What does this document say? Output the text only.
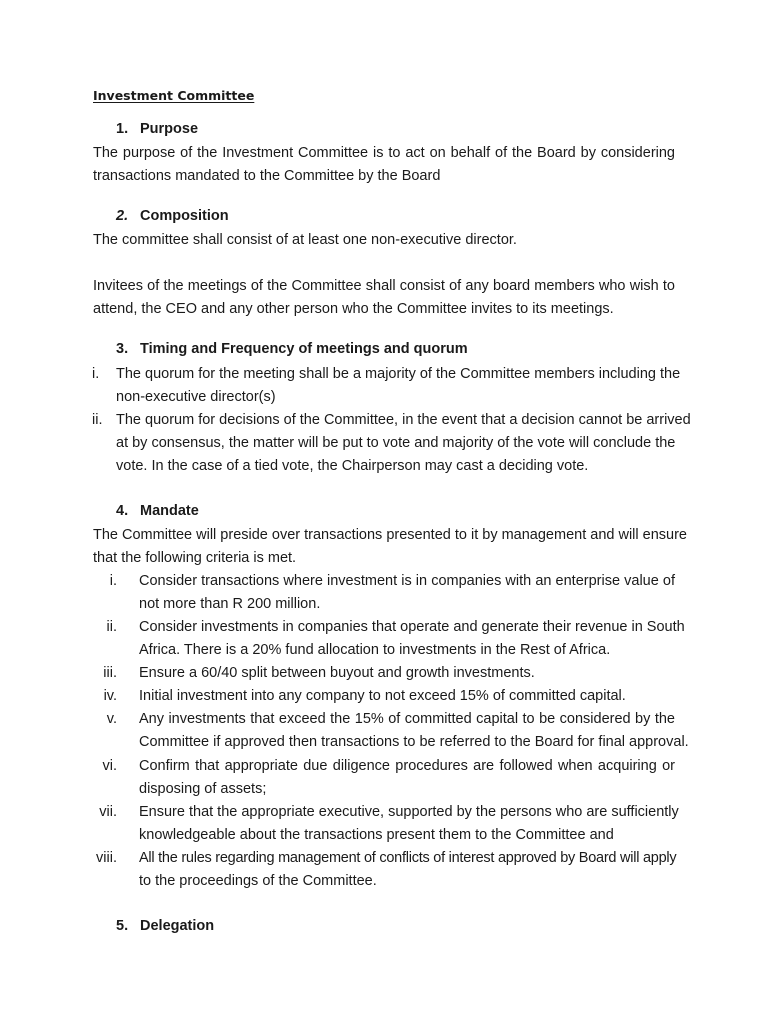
Investment Committee
1. Purpose
The purpose of the Investment Committee is to act on behalf of the Board by considering
transactions mandated to the Committee by the Board
2. Composition
The committee shall consist of at least one non-executive director.
Invitees of the meetings of the Committee shall consist of any board members who wish to
attend, the CEO and any other person who the Committee invites to its meetings.
3. Timing and Frequency of meetings and quorum
i. The quorum for the meeting shall be a majority of the Committee members including the
non-executive director(s)
ii. The quorum for decisions of the Committee, in the event that a decision cannot be arrived
at by consensus, the matter will be put to vote and majority of the vote will conclude the
vote. In the case of a tied vote, the Chairperson may cast a deciding vote.
4. Mandate
The Committee will preside over transactions presented to it by management and will ensure
that the following criteria is met.
i. Consider transactions where investment is in companies with an enterprise value of
not more than R 200 million.
ii. Consider investments in companies that operate and generate their revenue in South
Africa. There is a 20% fund allocation to investments in the Rest of Africa.
iii. Ensure a 60/40 split between buyout and growth investments.
iv. Initial investment into any company to not exceed 15% of committed capital.
v. Any investments that exceed the 15% of committed capital to be considered by the
Committee if approved then transactions to be referred to the Board for final approval.
vi. Confirm that appropriate due diligence procedures are followed when acquiring or
disposing of assets;
vii. Ensure that the appropriate executive, supported by the persons who are sufficiently
knowledgeable about the transactions present them to the Committee and
viii. All the rules regarding management of conflicts of interest approved by Board will apply
to the proceedings of the Committee.
5. Delegation
